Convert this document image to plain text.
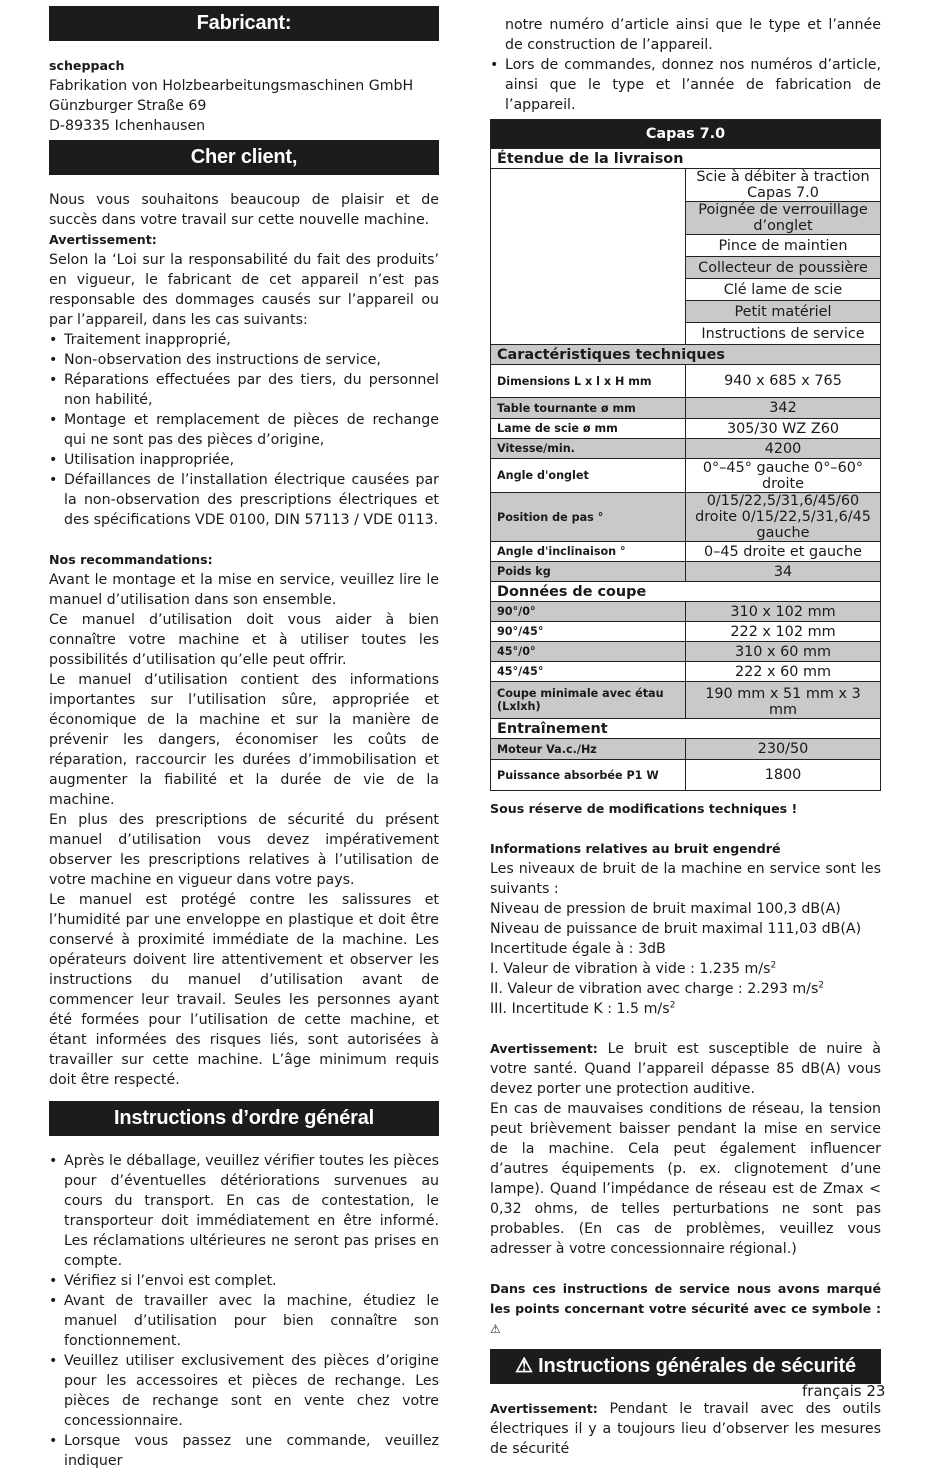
Fabricant:

scheppach

Fabrikation von Holzbearbeitungsmaschinen GmbH

Günzburger Straße 69

D-89335 Ichenhausen

Cher client,

Nous vous souhaitons beaucoup de plaisir et de succès dans votre travail sur cette nouvelle machine.

Avertissement:

Selon la ‘Loi sur la responsabilité du fait des produits’ en vigueur, le fabricant de cet appareil n’est pas responsable des dommages causés sur l’appareil ou par l’appareil, dans les cas suivants:

• Traitement inapproprié,
• Non-observation des instructions de service,
• Réparations effectuées par des tiers, du personnel non habilité,
• Montage et remplacement de pièces de rechange qui ne sont pas des pièces d’origine,
• Utilisation inappropriée,
• Défaillances de l’installation électrique causées par la non-observation des prescriptions électriques et des spécifications VDE 0100, DIN 57113 / VDE 0113.

Nos recommandations:

Avant le montage et la mise en service, veuillez lire le manuel d’utilisation dans son ensemble.

Ce manuel d’utilisation doit vous aider à bien connaître votre machine et à utiliser toutes les possibilités d’utilisation qu’elle peut offrir.

Le manuel d’utilisation contient des informations importantes sur l’utilisation sûre, appropriée et économique de la machine et sur la manière de prévenir les dangers, économiser les coûts de réparation, raccourcir les durées d’immobilisation et augmenter la fiabilité et la durée de vie de la machine.

En plus des prescriptions de sécurité du présent manuel d’utilisation vous devez impérativement observer les prescriptions relatives à l’utilisation de votre machine en vigueur dans votre pays.

Le manuel est protégé contre les salissures et l’humidité par une enveloppe en plastique et doit être conservé à proximité immédiate de la machine. Les opérateurs doivent lire attentivement et observer les instructions du manuel d’utilisation avant de commencer leur travail. Seules les personnes ayant été formées pour l’utilisation de cette machine, et étant informées des risques liés, sont autorisées à travailler sur cette machine. L’âge minimum requis doit être respecté.

Instructions d’ordre général
• Après le déballage, veuillez vérifier toutes les pièces pour d’éventuelles détériorations survenues au cours du transport. En cas de contestation, le transporteur doit immédiatement en être informé. Les réclamations ultérieures ne seront pas prises en compte.
• Vérifiez si l’envoi est complet.
• Avant de travailler avec la machine, étudiez le manuel d’utilisation pour bien connaître son fonctionnement.
• Veuillez utiliser exclusivement des pièces d’origine pour les accessoires et pièces de rechange. Les pièces de rechange sont en vente chez votre concessionnaire.
• Lorsque vous passez une commande, veuillez indiquer

notre numéro d’article ainsi que le type et l’année de construction de l’appareil.

• Lors de commandes, donnez nos numéros d’article, ainsi que le type et l’année de fabrication de l’appareil.
Capas 7.0	
Étendue de la livraison	
	Scie à débiter à traction Capas 7.0
	Poignée de verrouillage d’onglet
	Pince de maintien
	Collecteur de poussière
	Clé lame de scie
	Petit matériel
	Instructions de service
Caractéristiques techniques	
Dimensions L x l x H mm	940 x 685 x 765
Table tournante ø mm	342
Lame de scie ø mm	305/30 WZ Z60
Vitesse/min.	4200
Angle d'onglet	0°–45° gauche 0°–60° droite
Position de pas °	0/15/22,5/31,6/45/60 droite 0/15/22,5/31,6/45 gauche
Angle d'inclinaison °	0–45 droite et gauche
Poids kg	34
Données de coupe	
90°/0°	310 x 102 mm
90°/45°	222 x 102 mm
45°/0°	310 x 60 mm
45°/45°	222 x 60 mm
Coupe minimale avec étau (Lxlxh)	190 mm x 51 mm x 3 mm
Entraînement	
Moteur Va.c./Hz	230/50
Puissance absorbée P1 W	1800

Sous réserve de modifications techniques !

Informations relatives au bruit engendré

Les niveaux de bruit de la machine en service sont les suivants :

Niveau de pression de bruit maximal 100,3 dB(A)

Niveau de puissance de bruit maximal 111,03 dB(A)

Incertitude égale à : 3dB

I. Valeur de vibration à vide : 1.235 $m/s^2$

II. Valeur de vibration avec charge : 2.293 $m/s^2$

III. Incertitude K : 1.5 $m/s^2$

Avertissement: Le bruit est susceptible de nuire à votre santé. Quand l’appareil dépasse 85 dB(A) vous devez porter une protection auditive.

En cas de mauvaises conditions de réseau, la tension peut brièvement baisser pendant la mise en service de la machine. Cela peut également influencer d’autres équipements (p. ex. clignotement d’une lampe). Quand l’impédance de réseau est de Zmax < 0,32 ohms, de telles perturbations ne sont pas probables. (En cas de problèmes, veuillez vous adresser à votre concessionnaire régional.)

Dans ces instructions de service nous avons marqué les points concernant votre sécurité avec ce symbole : ⚠

⚠ Instructions générales de sécurité

Avertissement: Pendant le travail avec des outils électriques il y a toujours lieu d’observer les mesures de sécurité

français 23
